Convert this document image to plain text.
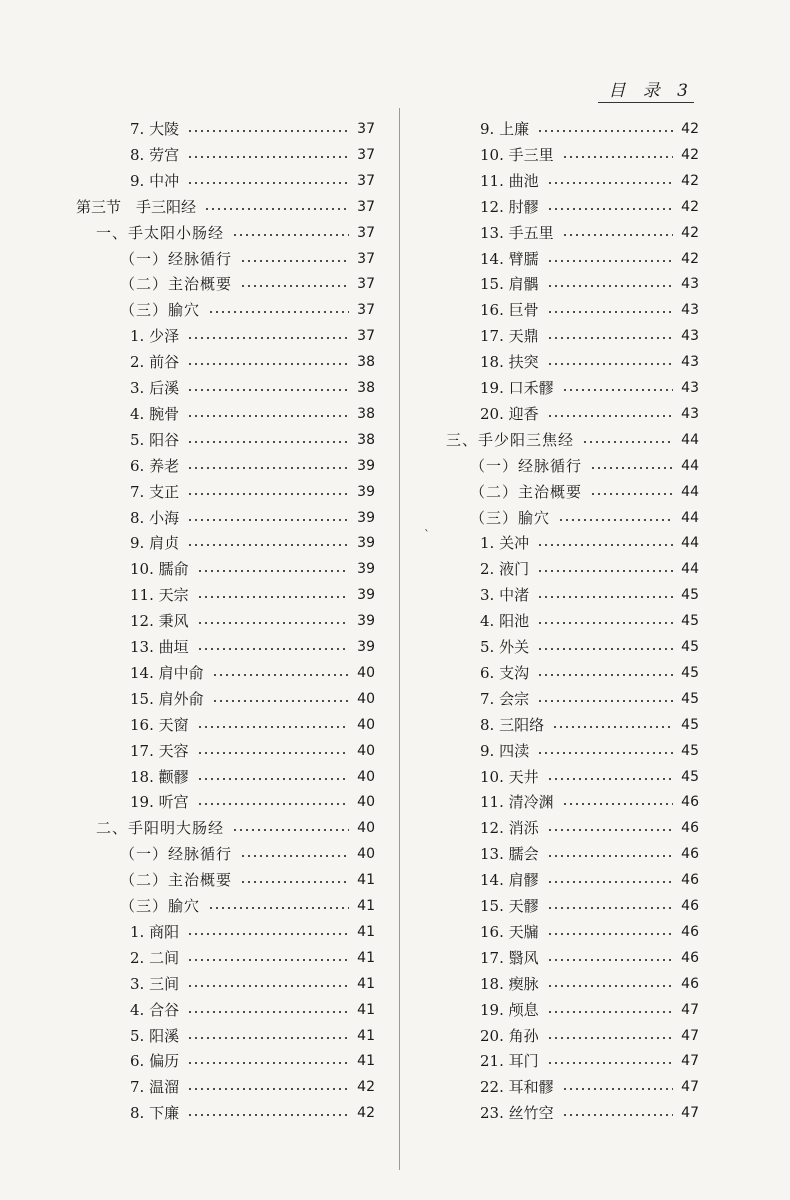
目 录 3
ˋ
7. 大陵	37
8. 劳宫	37
9. 中冲	37
第三节　手三阳经	37
一、手太阳小肠经	37
（一）经脉循行	37
（二）主治概要	37
（三）腧穴	37
1. 少泽	37
2. 前谷	38
3. 后溪	38
4. 腕骨	38
5. 阳谷	38
6. 养老	39
7. 支正	39
8. 小海	39
9. 肩贞	39
10. 臑俞	39
11. 天宗	39
12. 秉风	39
13. 曲垣	39
14. 肩中俞	40
15. 肩外俞	40
16. 天窗	40
17. 天容	40
18. 颧髎	40
19. 听宫	40
二、手阳明大肠经	40
（一）经脉循行	40
（二）主治概要	41
（三）腧穴	41
1. 商阳	41
2. 二间	41
3. 三间	41
4. 合谷	41
5. 阳溪	41
6. 偏历	41
7. 温溜	42
8. 下廉	42
9. 上廉	42
10. 手三里	42
11. 曲池	42
12. 肘髎	42
13. 手五里	42
14. 臂臑	42
15. 肩髃	43
16. 巨骨	43
17. 天鼎	43
18. 扶突	43
19. 口禾髎	43
20. 迎香	43
三、手少阳三焦经	44
（一）经脉循行	44
（二）主治概要	44
（三）腧穴	44
1. 关冲	44
2. 液门	44
3. 中渚	45
4. 阳池	45
5. 外关	45
6. 支沟	45
7. 会宗	45
8. 三阳络	45
9. 四渎	45
10. 天井	45
11. 清冷渊	46
12. 消泺	46
13. 臑会	46
14. 肩髎	46
15. 天髎	46
16. 天牖	46
17. 翳风	46
18. 瘈脉	46
19. 颅息	47
20. 角孙	47
21. 耳门	47
22. 耳和髎	47
23. 丝竹空	47
